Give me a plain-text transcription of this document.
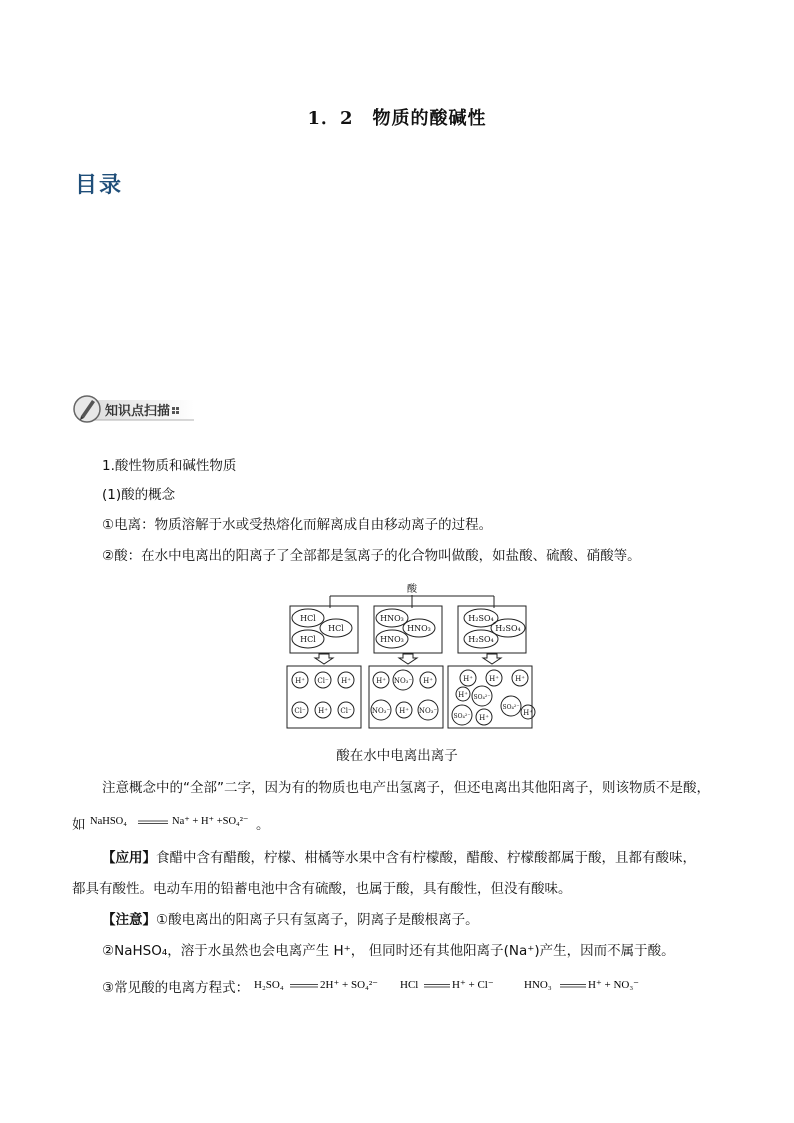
1．2　物质的酸碱性
目录
知识点扫描
1.酸性物质和碱性物质
(1)酸的概念
①电离：物质溶解于水或受热熔化而解离成自由移动离子的过程。
②酸：在水中电离出的阳离子了全部都是氢离子的化合物叫做酸，如盐酸、硫酸、硝酸等。
酸
HCl
HCl
HCl
HNO₃
HNO₃
HNO₃
H₂SO₄
H₂SO₄
H₂SO₄
H⁺ Cl⁻ H⁺
Cl⁻ H⁺ Cl⁻
H⁺ NO₃⁻ H⁺
NO₃⁻ H⁺ NO₃⁻
H⁺ H⁺ H⁺
H⁺ SO₄²⁻
SO₄²⁻
SO₄²⁻ H⁺
H⁺
酸在水中电离出离子
注意概念中的“全部”二字，因为有的物质也电产出氢离子，但还电离出其他阳离子，则该物质不是酸，
如 NaHSO₄	Na⁺ + H⁺ +SO₄²⁻ 。
【应用】食醋中含有醋酸，柠檬、柑橘等水果中含有柠檬酸，醋酸、柠檬酸都属于酸，且都有酸味，
都具有酸性。电动车用的铅蓄电池中含有硫酸，也属于酸，具有酸性，但没有酸味。
【注意】①酸电离出的阳离子只有氢离子，阴离子是酸根离子。
②NaHSO₄，溶于水虽然也会电离产生 H⁺， 但同时还有其他阳离子(Na⁺)产生，因而不属于酸。
③常见酸的电离方程式： H₂SO₄	2H⁺ + SO₄²⁻ HCl	H⁺ + Cl⁻	HNO₃	H⁺ + NO₃⁻
